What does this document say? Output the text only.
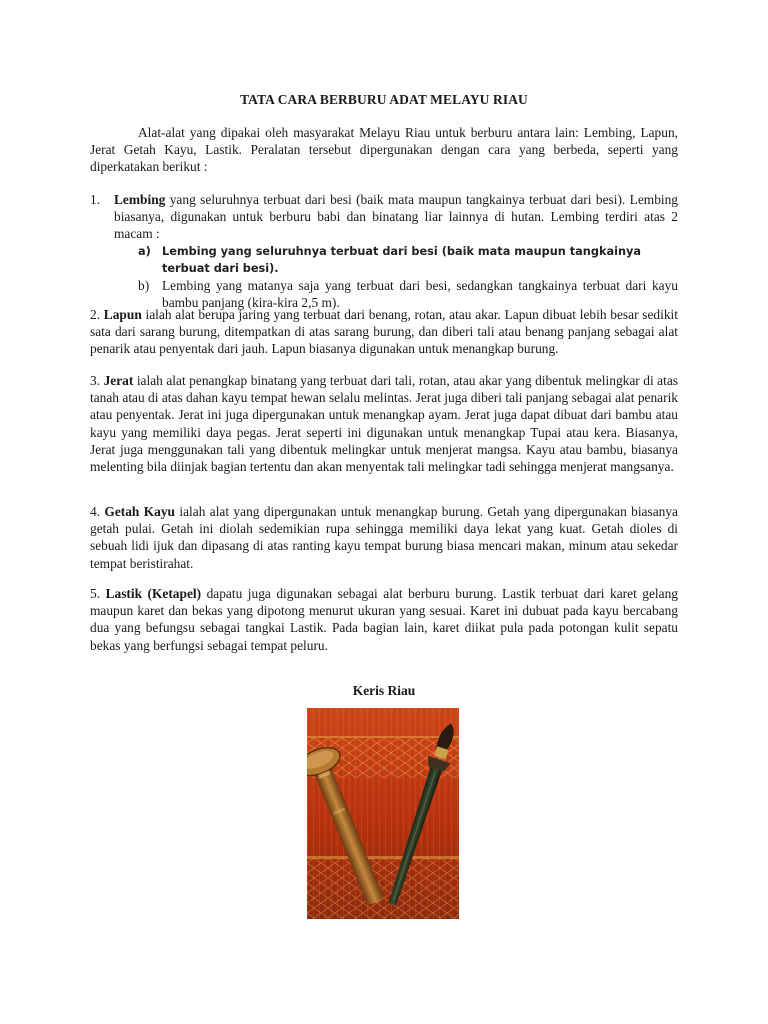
TATA CARA BERBURU ADAT MELAYU RIAU
Alat-alat yang dipakai oleh masyarakat Melayu Riau untuk berburu antara lain: Lembing, Lapun, Jerat Getah Kayu, Lastik. Peralatan tersebut dipergunakan dengan cara yang berbeda, seperti yang diperkatakan berikut :
1. Lembing yang seluruhnya terbuat dari besi (baik mata maupun tangkainya terbuat dari besi). Lembing biasanya, digunakan untuk berburu babi dan binatang liar lainnya di hutan. Lembing terdiri atas 2 macam :
a) Lembing yang seluruhnya terbuat dari besi (baik mata maupun tangkainya terbuat dari besi).
b) Lembing yang matanya saja yang terbuat dari besi, sedangkan tangkainya terbuat dari kayu bambu panjang (kira-kira 2,5 m).
2. Lapun ialah alat berupa jaring yang terbuat dari benang, rotan, atau akar. Lapun dibuat lebih besar sedikit sata dari sarang burung, ditempatkan di atas sarang burung, dan diberi tali atau benang panjang sebagai alat penarik atau penyentak dari jauh. Lapun biasanya digunakan untuk menangkap burung.
3. Jerat ialah alat penangkap binatang yang terbuat dari tali, rotan, atau akar yang dibentuk melingkar di atas tanah atau di atas dahan kayu tempat hewan selalu melintas. Jerat juga diberi tali panjang sebagai alat penarik atau penyentak. Jerat ini juga dipergunakan untuk menangkap ayam. Jerat juga dapat dibuat dari bambu atau kayu yang memiliki daya pegas. Jerat seperti ini digunakan untuk menangkap Tupai atau kera. Biasanya, Jerat juga menggunakan tali yang dibentuk melingkar untuk menjerat mangsa. Kayu atau bambu, biasanya melenting bila diinjak bagian tertentu dan akan menyentak tali melingkar tadi sehingga menjerat mangsanya.
4. Getah Kayu ialah alat yang dipergunakan untuk menangkap burung. Getah yang dipergunakan biasanya getah pulai. Getah ini diolah sedemikian rupa sehingga memiliki daya lekat yang kuat. Getah dioles di sebuah lidi ijuk dan dipasang di atas ranting kayu tempat burung biasa mencari makan, minum atau sekedar tempat beristirahat.
5. Lastik (Ketapel) dapatu juga digunakan sebagai alat berburu burung. Lastik terbuat dari karet gelang maupun karet dan bekas yang dipotong menurut ukuran yang sesuai. Karet ini dubuat pada kayu bercabang dua yang befungsu sebagai tangkai Lastik. Pada bagian lain, karet diikat pula pada potongan kulit sepatu bekas yang berfungsi sebagai tempat peluru.
Keris Riau
